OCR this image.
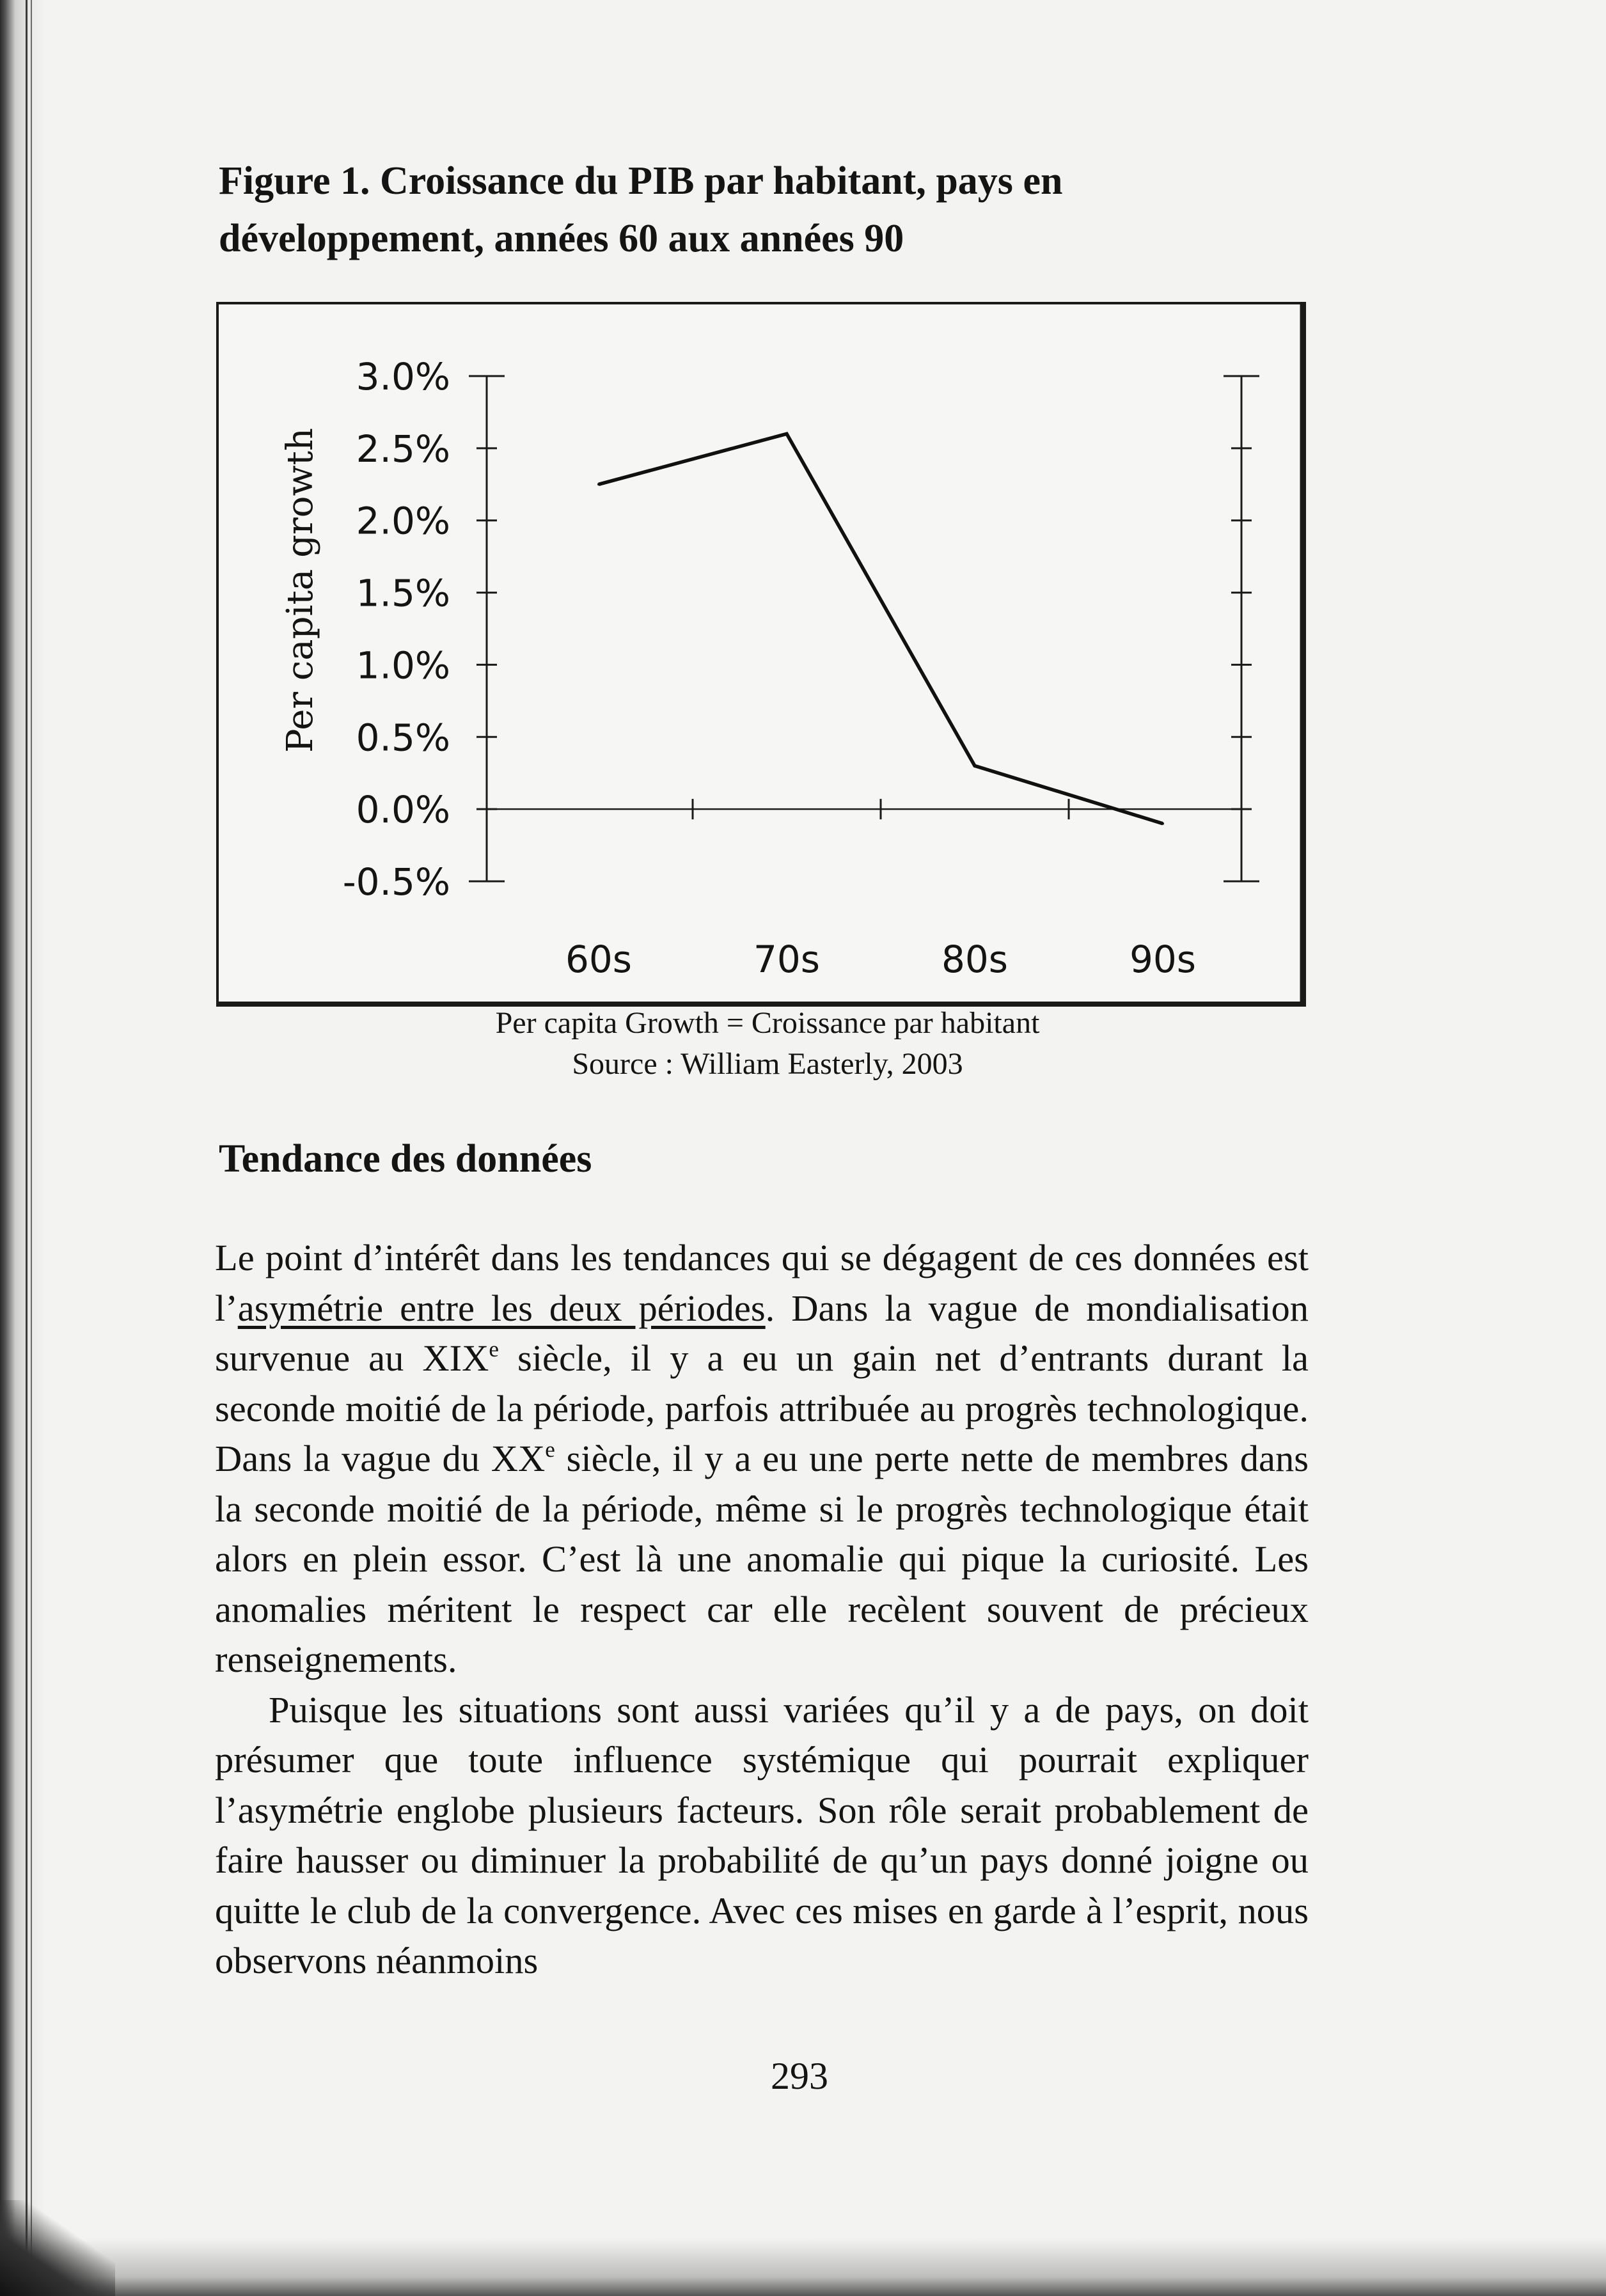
Figure 1. Croissance du PIB par habitant, pays en développement, années 60 aux années 90
3.0%
2.5%
2.0%
1.5%
1.0%
0.5%
0.0%
-0.5%
60s	70s	80s	90s
Per capita growth
Per capita Growth = Croissance par habitant
Source : William Easterly, 2003
Tendance des données

Le point d’intérêt dans les tendances qui se dégagent de ces données est l’asymétrie entre les deux périodes. Dans la vague de mondialisation survenue au XIXe siècle, il y a eu un gain net d’entrants durant la seconde moitié de la période, parfois attribuée au progrès technologique. Dans la vague du XXe siècle, il y a eu une perte nette de membres dans la seconde moitié de la période, même si le progrès technologique était alors en plein essor. C’est là une anomalie qui pique la curiosité. Les anomalies méritent le respect car elle recèlent souvent de précieux renseignements.

Puisque les situations sont aussi variées qu’il y a de pays, on doit présumer que toute influence systémique qui pourrait expliquer l’asymétrie englobe plusieurs facteurs. Son rôle serait probablement de faire hausser ou diminuer la probabilité de qu’un pays donné joigne ou quitte le club de la convergence. Avec ces mises en garde à l’esprit, nous observons néanmoins

293
